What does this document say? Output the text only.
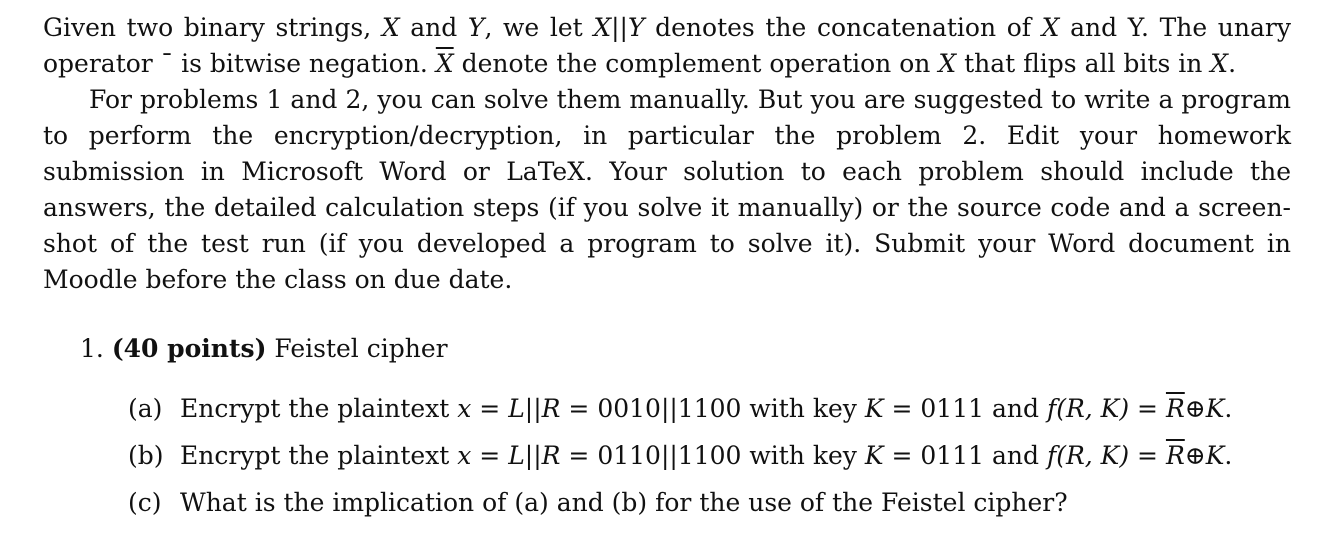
Given two binary strings, X and Y, we let X||Y denotes the concatenation of X and Y. The unary operator ¯ is bitwise negation. $\overline{X}$ denote the complement operation on X that flips all bits in X.

For problems 1 and 2, you can solve them manually. But you are suggested to write a program to perform the encryption/decryption, in particular the problem 2. Edit your homework submission in Microsoft Word or LaTeX. Your solution to each problem should include the answers, the detailed calculation steps (if you solve it manually) or the source code and a screen-shot of the test run (if you developed a program to solve it). Submit your Word document in Moodle before the class on due date.

1. (40 points) Feistel cipher
(a) Encrypt the plaintext x = L||R = 0010||1100 with key K = 0111 and f(R, $K) = \overline{R}\oplus K$.
(b) Encrypt the plaintext x = L||R = 0110||1100 with key K = 0111 and f(R, $K) = \overline{R}\oplus K$.
(c) What is the implication of (a) and (b) for the use of the Feistel cipher?
